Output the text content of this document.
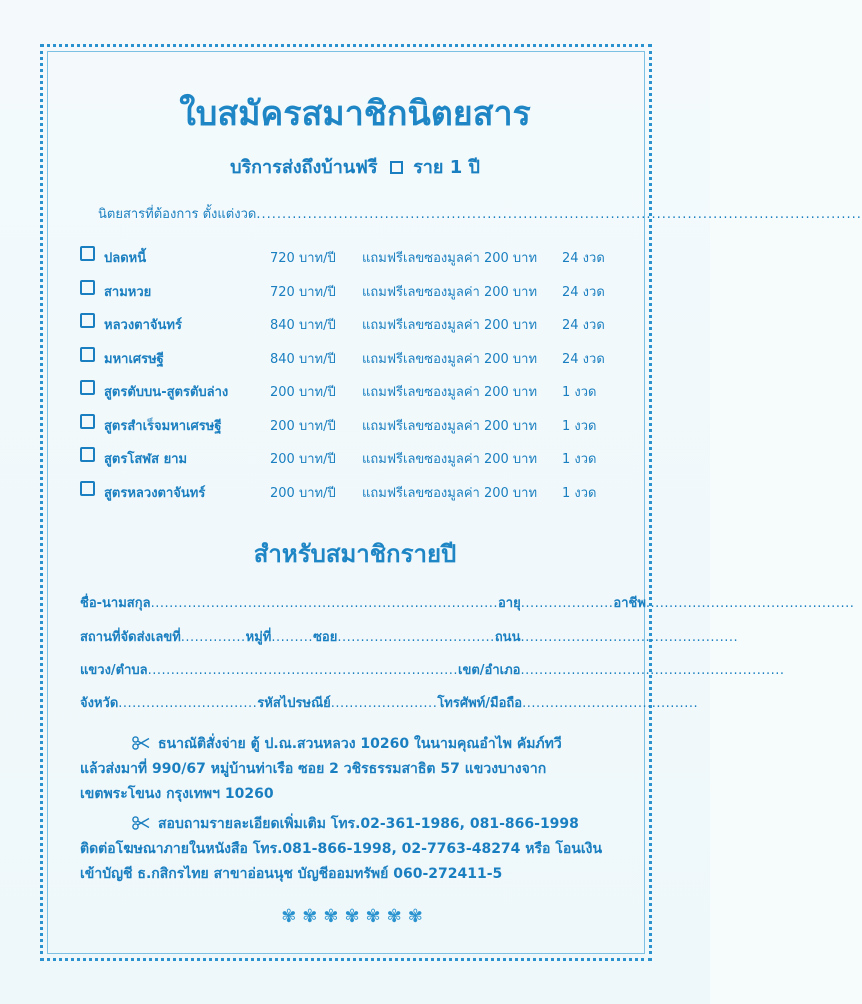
ใบสมัครสมาชิกนิตยสาร
บริการส่งถึงบ้านฟรี ราย 1 ปี
นิตยสารที่ต้องการ ตั้งแต่งวด......................................................................................................................
ปลดหนี้	720 บาท/ปี แถมฟรีเลขซองมูลค่า 200 บาท 24 งวด
สามหวย	720 บาท/ปี แถมฟรีเลขซองมูลค่า 200 บาท 24 งวด
หลวงตาจันทร์	840 บาท/ปี แถมฟรีเลขซองมูลค่า 200 บาท 24 งวด
มหาเศรษฐี	840 บาท/ปี แถมฟรีเลขซองมูลค่า 200 บาท 24 งวด
สูตรตับบน-สูตรตับล่าง	200 บาท/ปี แถมฟรีเลขซองมูลค่า 200 บาท 1 งวด
สูตรสำเร็จมหาเศรษฐี	200 บาท/ปี แถมฟรีเลขซองมูลค่า 200 บาท 1 งวด
สูตรโสฬส ยาม	200 บาท/ปี แถมฟรีเลขซองมูลค่า 200 บาท 1 งวด
สูตรหลวงตาจันทร์	200 บาท/ปี แถมฟรีเลขซองมูลค่า 200 บาท 1 งวด
สำหรับสมาชิกรายปี
ชื่อ-นามสกุล...........................................................................อายุ....................อาชีพ.............................................
สถานที่จัดส่งเลขที่..............หมู่ที่.........ซอย..................................ถนน...............................................
แขวง/ตำบล...................................................................เขต/อำเภอ.........................................................
จังหวัด..............................รหัสไปรษณีย์.......................โทรศัพท์/มือถือ......................................
ธนาณัติสั่งจ่าย ตู้ ป.ณ.สวนหลวง 10260 ในนามคุณอำไพ คัมภ์ทวี
แล้วส่งมาที่ 990/67 หมู่บ้านท่าเรือ ซอย 2 วชิรธรรมสาธิต 57 แขวงบางจาก
เขตพระโขนง กรุงเทพฯ 10260
สอบถามรายละเอียดเพิ่มเติม โทร.02-361-1986, 081-866-1998
ติดต่อโฆษณาภายในหนังสือ โทร.081-866-1998, 02-7763-48274 หรือ โอนเงิน
เข้าบัญชี ธ.กสิกรไทย สาขาอ่อนนุช บัญชีออมทรัพย์ 060-272411-5
✾✾✾✾✾✾✾
